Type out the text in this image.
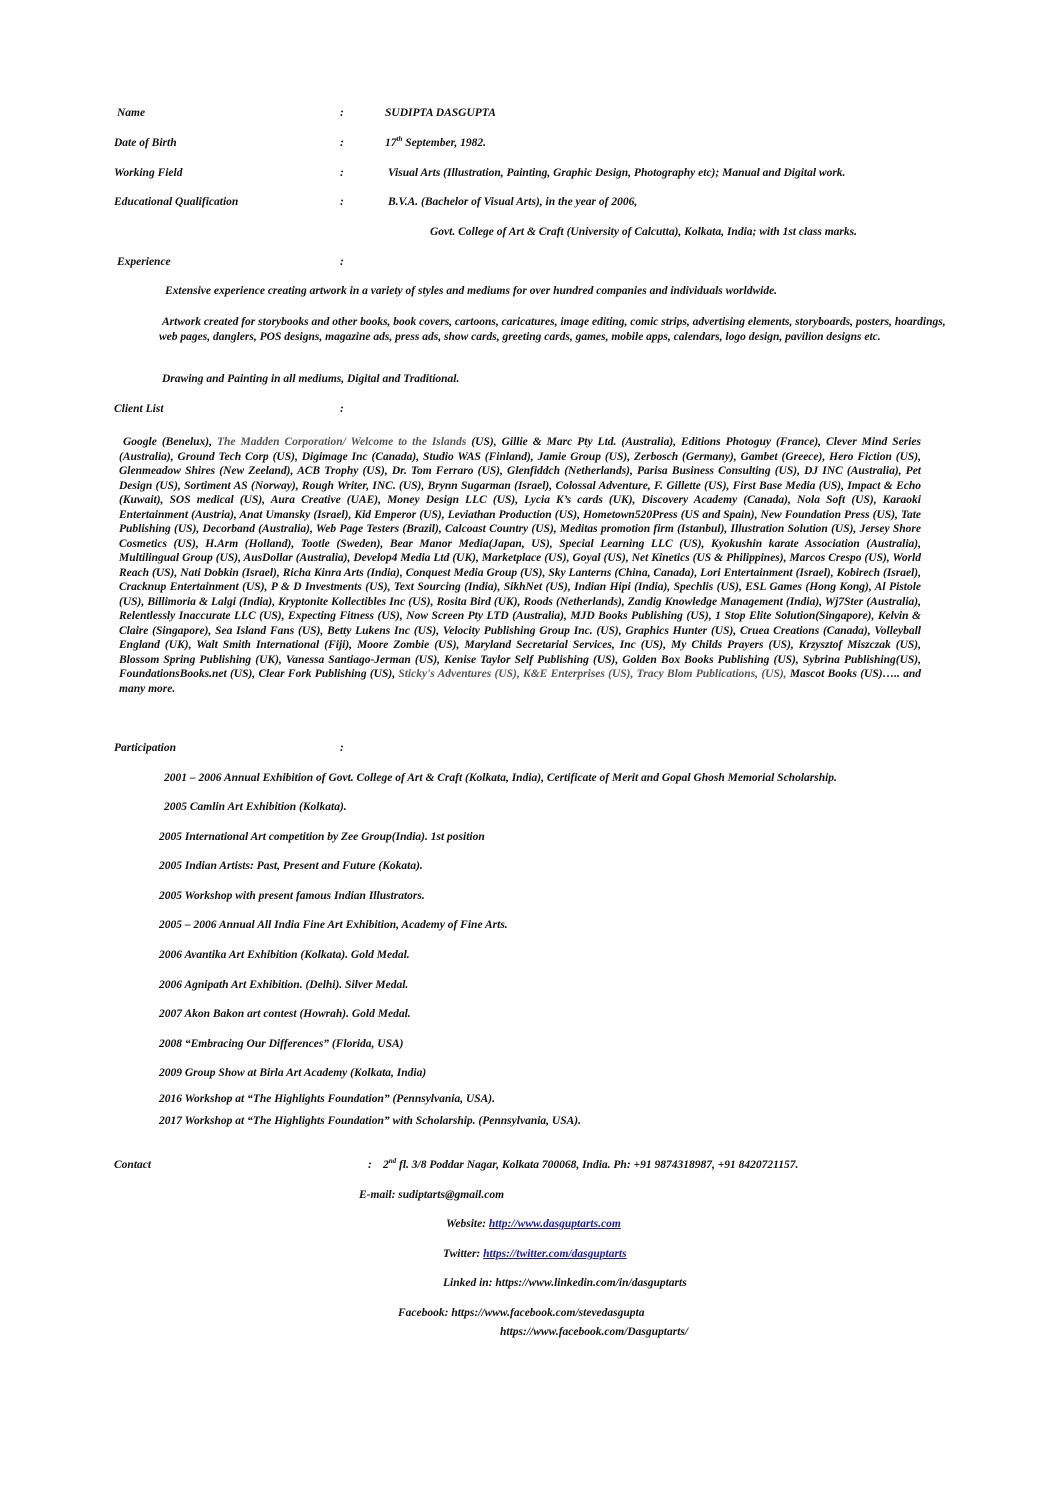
Name	:	SUDIPTA DASGUPTA
Date of Birth	:	17th September, 1982.
Working Field	:	Visual Arts (Illustration, Painting, Graphic Design, Photography etc); Manual and Digital work.
Educational Qualification	:	B.V.A. (Bachelor of Visual Arts), in the year of 2006,
Govt. College of Art & Craft (University of Calcutta), Kolkata, India; with 1st class marks.
Experience	:
Extensive experience creating artwork in a variety of styles and mediums for over hundred companies and individuals worldwide.
Artwork created for storybooks and other books, book covers, cartoons, caricatures, image editing, comic strips, advertising elements, storyboards, posters, hoardings, web pages, danglers, POS designs, magazine ads, press ads, show cards, greeting cards, games, mobile apps, calendars, logo design, pavilion designs etc.
Drawing and Painting in all mediums, Digital and Traditional.
Client List	:
Google (Benelux), The Madden Corporation/ Welcome to the Islands (US), Gillie & Marc Pty Ltd. (Australia), Editions Photoguy (France), Clever Mind Series (Australia), Ground Tech Corp (US), Digimage Inc (Canada), Studio WAS (Finland), Jamie Group (US), Zerbosch (Germany), Gambet (Greece), Hero Fiction (US), Glenmeadow Shires (New Zeeland), ACB Trophy (US), Dr. Tom Ferraro (US), Glenfiddch (Netherlands), Parisa Business Consulting (US), DJ INC (Australia), Pet Design (US), Sortiment AS (Norway), Rough Writer, INC. (US), Brynn Sugarman (Israel), Colossal Adventure, F. Gillette (US), First Base Media (US), Impact & Echo (Kuwait), SOS medical (US), Aura Creative (UAE), Money Design LLC (US), Lycia K’s cards (UK), Discovery Academy (Canada), Nola Soft (US), Karaoki Entertainment (Austria), Anat Umansky (Israel), Kid Emperor (US), Leviathan Production (US), Hometown520Press (US and Spain), New Foundation Press (US), Tate Publishing (US), Decorband (Australia), Web Page Testers (Brazil), Calcoast Country (US), Meditas promotion firm (Istanbul), Illustration Solution (US), Jersey Shore Cosmetics (US), H.Arm (Holland), Tootle (Sweden), Bear Manor Media(Japan, US), Special Learning LLC (US), Kyokushin karate Association (Australia), Multilingual Group (US), AusDollar (Australia), Develop4 Media Ltd (UK), Marketplace (US), Goyal (US), Net Kinetics (US & Philippines), Marcos Crespo (US), World Reach (US), Nati Dobkin (Israel), Richa Kinra Arts (India), Conquest Media Group (US), Sky Lanterns (China, Canada), Lori Entertainment (Israel), Kobirech (Israel), Cracknup Entertainment (US), P & D Investments (US), Text Sourcing (India), SikhNet (US), Indian Hipi (India), Spechlis (US), ESL Games (Hong Kong), Al Pistole (US), Billimoria & Lalgi (India), Kryptonite Kollectibles Inc (US), Rosita Bird (UK), Roods (Netherlands), Zandig Knowledge Management (India), Wj7Ster (Australia), Relentlessly Inaccurate LLC (US), Expecting Fitness (US), Now Screen Pty LTD (Australia), MJD Books Publishing (US), 1 Stop Elite Solution(Singapore), Kelvin & Claire (Singapore), Sea Island Fans (US), Betty Lukens Inc (US), Velocity Publishing Group Inc. (US), Graphics Hunter (US), Cruea Creations (Canada), Volleyball England (UK), Walt Smith International (Fiji), Moore Zombie (US), Maryland Secretarial Services, Inc (US), My Childs Prayers (US), Krzysztof Miszczak (US), Blossom Spring Publishing (UK), Vanessa Santiago-Jerman (US), Kenise Taylor Self Publishing (US), Golden Box Books Publishing (US), Sybrina Publishing(US), FoundationsBooks.net (US), Clear Fork Publishing (US), Sticky's Adventures (US), K&E Enterprises (US), Tracy Blom Publications, (US), Mascot Books (US)….. and many more.
Participation	:
2001 – 2006 Annual Exhibition of Govt. College of Art & Craft (Kolkata, India), Certificate of Merit and Gopal Ghosh Memorial Scholarship.
2005 Camlin Art Exhibition (Kolkata).
2005 International Art competition by Zee Group(India). 1st position
2005 Indian Artists: Past, Present and Future (Kokata).
2005 Workshop with present famous Indian Illustrators.
2005 – 2006 Annual All India Fine Art Exhibition, Academy of Fine Arts.
2006 Avantika Art Exhibition (Kolkata). Gold Medal.
2006 Agnipath Art Exhibition. (Delhi). Silver Medal.
2007 Akon Bakon art contest (Howrah). Gold Medal.
2008 “Embracing Our Differences” (Florida, USA)
2009 Group Show at Birla Art Academy (Kolkata, India)
2016 Workshop at “The Highlights Foundation” (Pennsylvania, USA).
2017 Workshop at “The Highlights Foundation” with Scholarship. (Pennsylvania, USA).
Contact	: 2nd fl. 3/8 Poddar Nagar, Kolkata 700068, India. Ph: +91 9874318987, +91 8420721157.
E-mail: sudiptarts@gmail.com
Website: http://www.dasguptarts.com
Twitter: https://twitter.com/dasguptarts
Linked in: https://www.linkedin.com/in/dasguptarts
Facebook: https://www.facebook.com/stevedasgupta
https://www.facebook.com/Dasguptarts/
